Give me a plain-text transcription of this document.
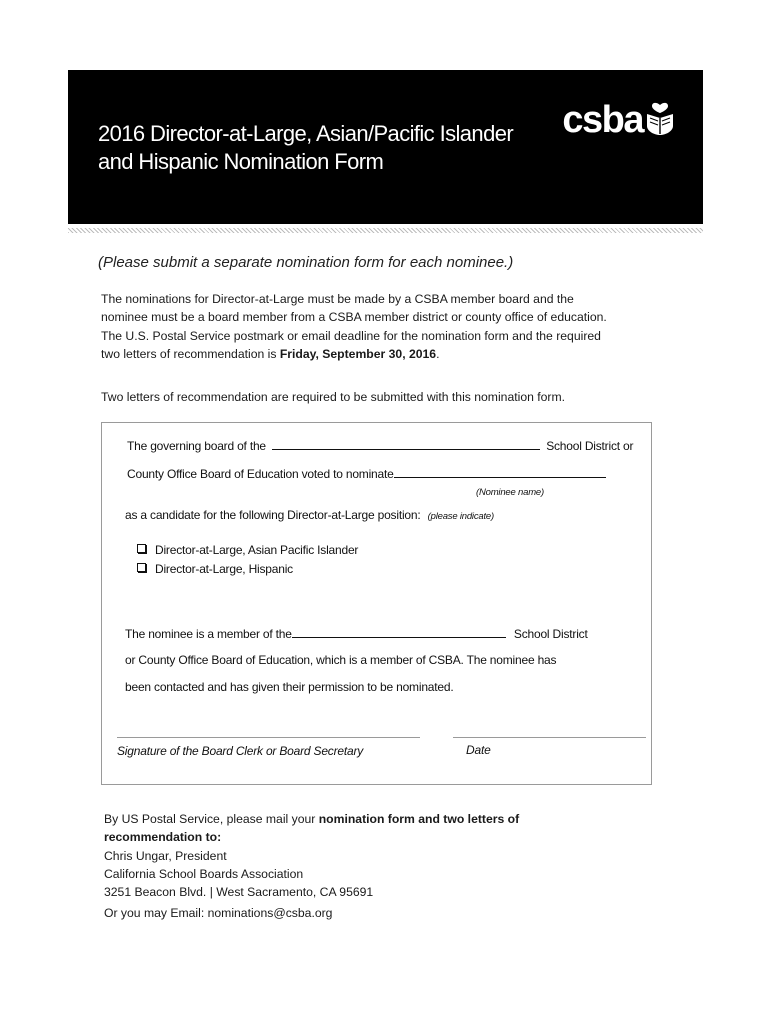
2016 Director-at-Large, Asian/Pacific Islander
and Hispanic Nomination Form
csba
(Please submit a separate nomination form for each nominee.)
The nominations for Director-at-Large must be made by a CSBA member board and the
nominee must be a board member from a CSBA member district or county office of education.
The U.S. Postal Service postmark or email deadline for the nomination form and the required
two letters of recommendation is Friday, September 30, 2016.
Two letters of recommendation are required to be submitted with this nomination form.
The governing board of the	School District or
County Office Board of Education voted to nominate
(Nominee name)
as a candidate for the following Director-at-Large position: (please indicate)
Director-at-Large, Asian Pacific Islander
Director-at-Large, Hispanic
The nominee is a member of the	School District
or County Office Board of Education, which is a member of CSBA. The nominee has
been contacted and has given their permission to be nominated.
Signature of the Board Clerk or Board Secretary	Date
By US Postal Service, please mail your nomination form and two letters of
recommendation to:
Chris Ungar, President
California School Boards Association
3251 Beacon Blvd. | West Sacramento, CA 95691
Or you may Email: nominations@csba.org
